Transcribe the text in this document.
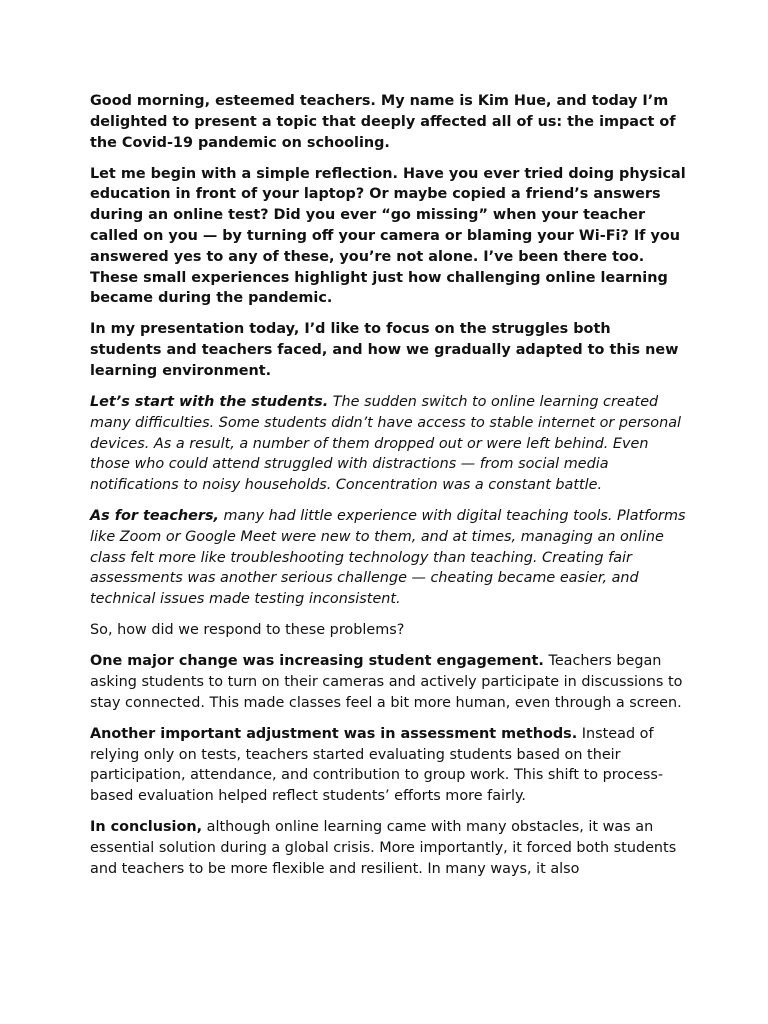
Good morning, esteemed teachers. My name is Kim Hue, and today I’m delighted to present a topic that deeply affected all of us: the impact of the Covid-19 pandemic on schooling.

Let me begin with a simple reflection. Have you ever tried doing physical education in front of your laptop? Or maybe copied a friend’s answers during an online test? Did you ever “go missing” when your teacher called on you — by turning off your camera or blaming your Wi-Fi? If you answered yes to any of these, you’re not alone. I’ve been there too. These small experiences highlight just how challenging online learning became during the pandemic.

In my presentation today, I’d like to focus on the struggles both students and teachers faced, and how we gradually adapted to this new learning environment.

Let’s start with the students. The sudden switch to online learning created many difficulties. Some students didn’t have access to stable internet or personal devices. As a result, a number of them dropped out or were left behind. Even those who could attend struggled with distractions — from social media notifications to noisy households. Concentration was a constant battle.

As for teachers, many had little experience with digital teaching tools. Platforms like Zoom or Google Meet were new to them, and at times, managing an online class felt more like troubleshooting technology than teaching. Creating fair assessments was another serious challenge — cheating became easier, and technical issues made testing inconsistent.

So, how did we respond to these problems?

One major change was increasing student engagement. Teachers began asking students to turn on their cameras and actively participate in discussions to stay connected. This made classes feel a bit more human, even through a screen.

Another important adjustment was in assessment methods. Instead of relying only on tests, teachers started evaluating students based on their participation, attendance, and contribution to group work. This shift to process-based evaluation helped reflect students’ efforts more fairly.

In conclusion, although online learning came with many obstacles, it was an essential solution during a global crisis. More importantly, it forced both students and teachers to be more flexible and resilient. In many ways, it also
